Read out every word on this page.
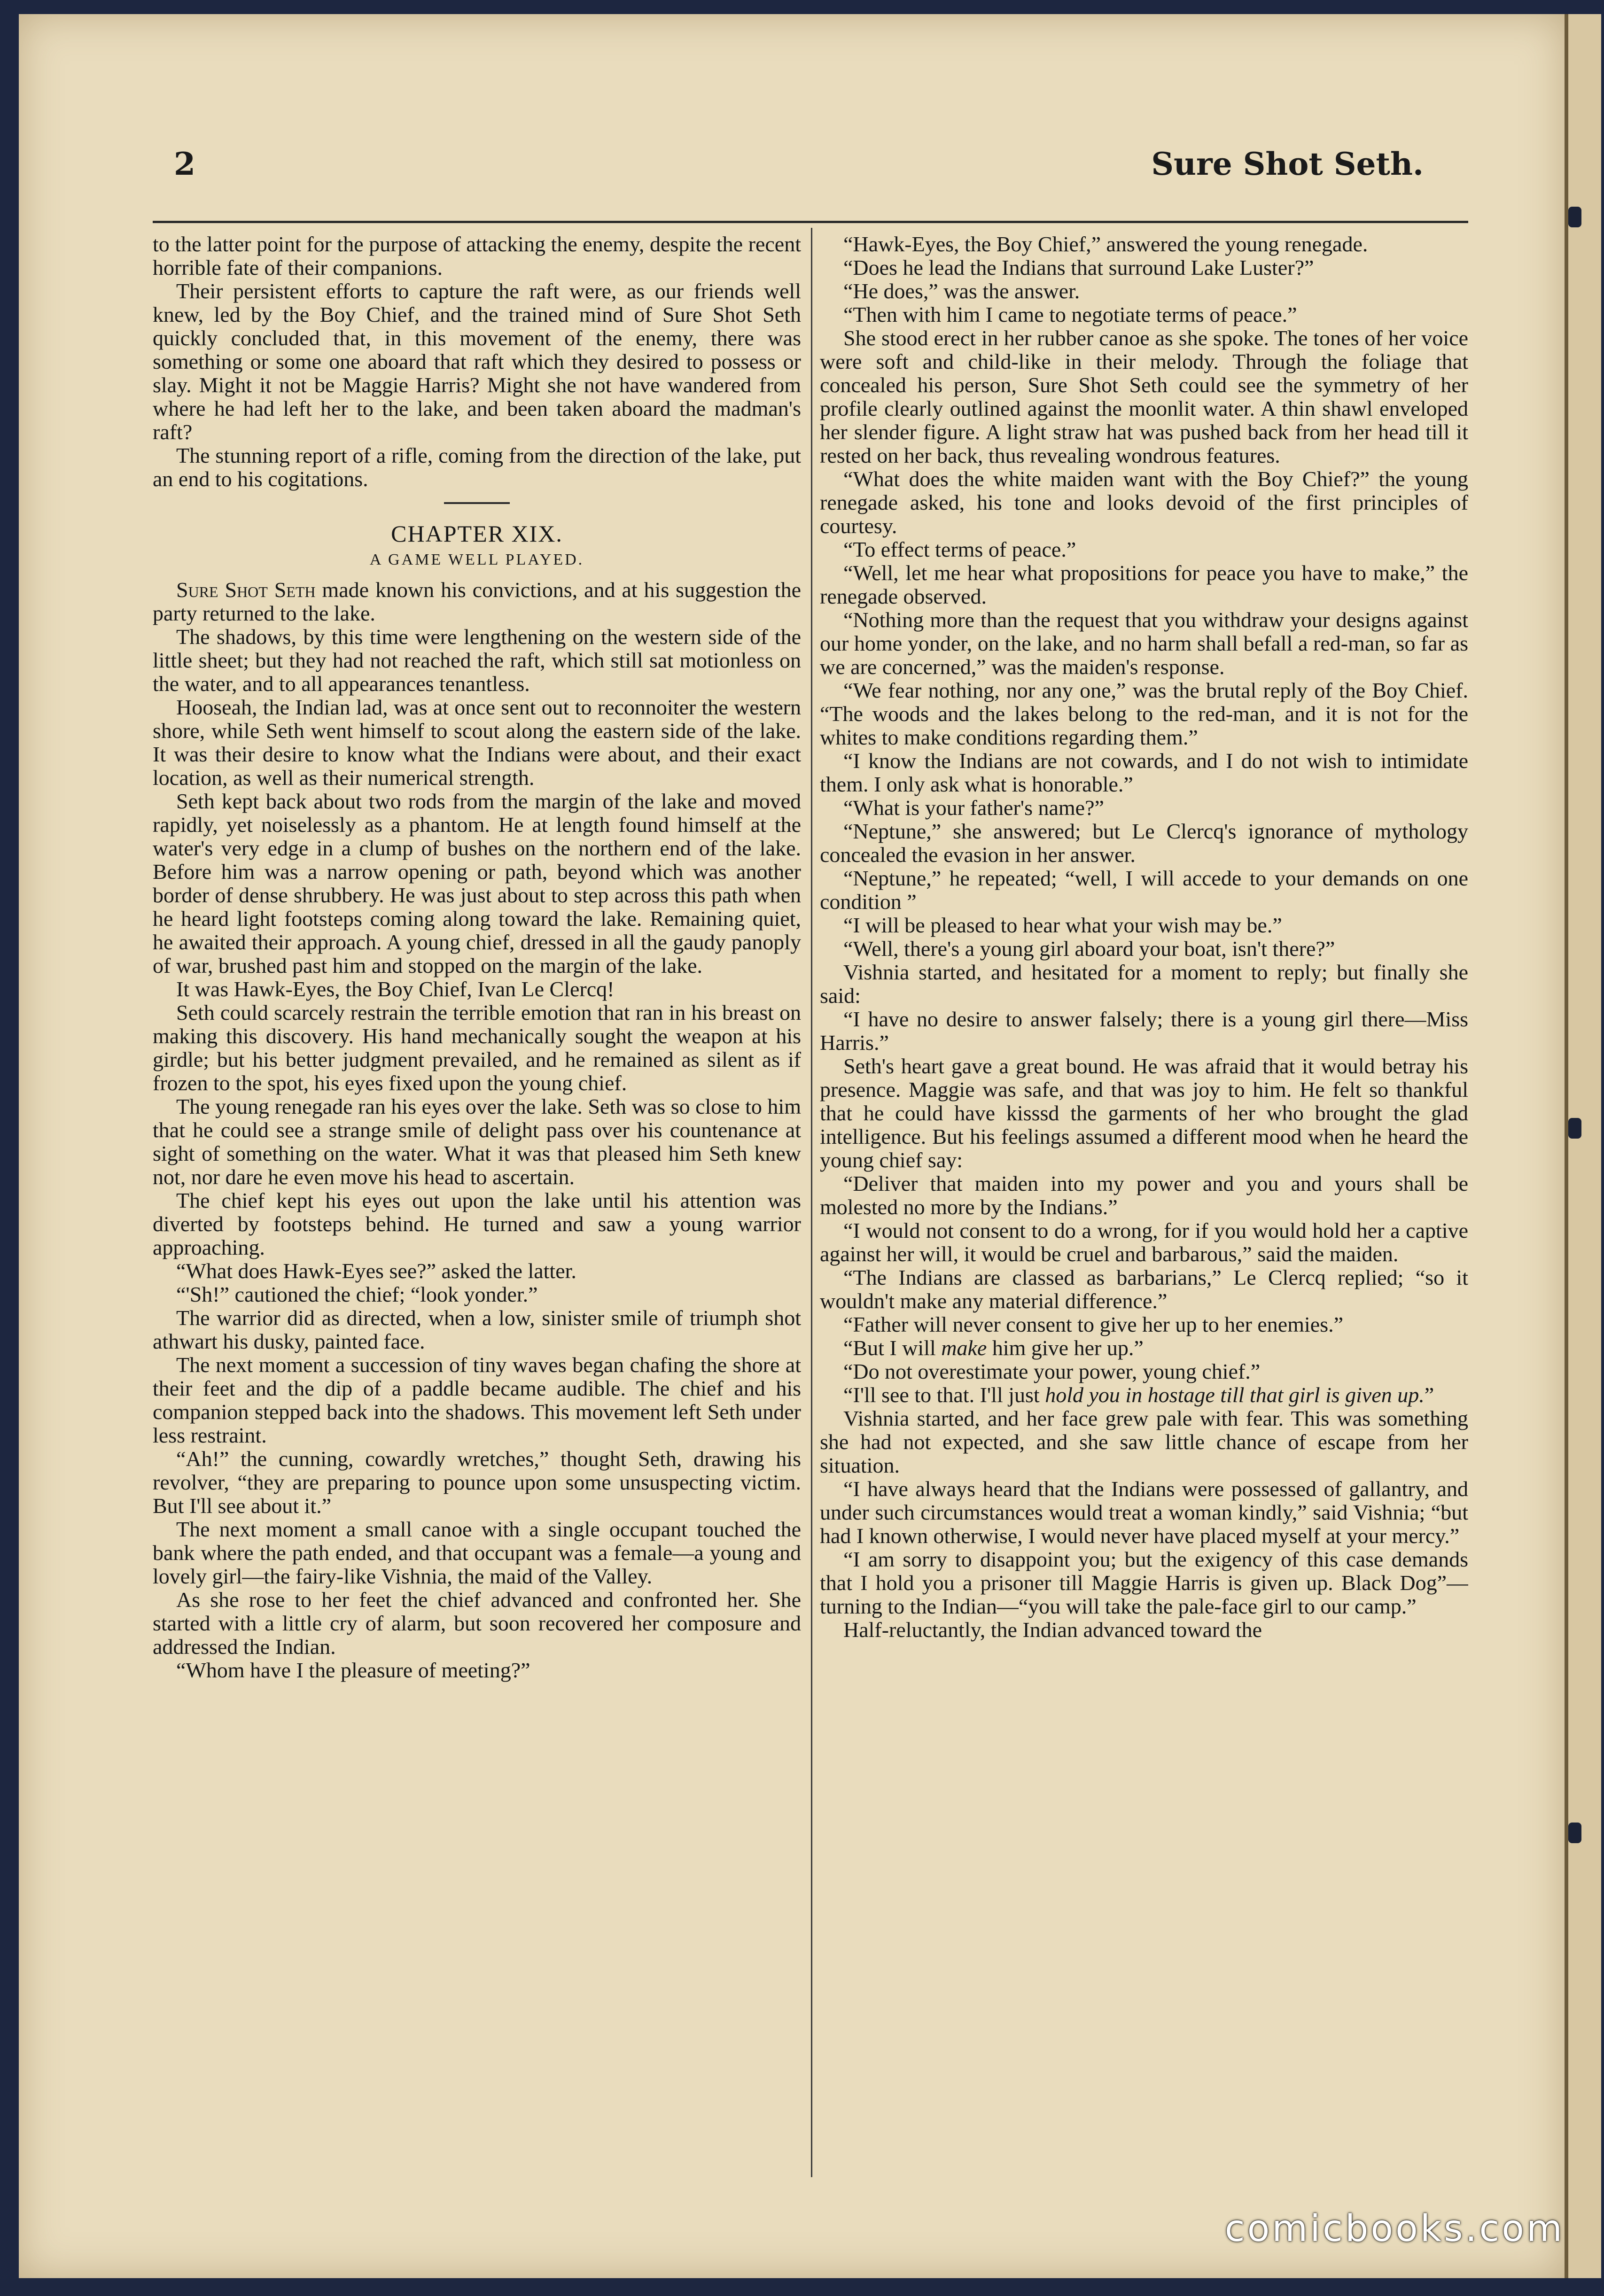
2	Sure Shot Seth.

to the latter point for the purpose of attacking the enemy, despite the recent horrible fate of their companions.

Their persistent efforts to capture the raft were, as our friends well knew, led by the Boy Chief, and the trained mind of Sure Shot Seth quickly concluded that, in this movement of the enemy, there was something or some one aboard that raft which they desired to possess or slay. Might it not be Maggie Harris? Might she not have wandered from where he had left her to the lake, and been taken aboard the madman's raft?

The stunning report of a rifle, coming from the direction of the lake, put an end to his cogitations.

CHAPTER XIX.
A GAME WELL PLAYED.

Sure Shot Seth made known his convictions, and at his suggestion the party returned to the lake.

The shadows, by this time were lengthening on the western side of the little sheet; but they had not reached the raft, which still sat motionless on the water, and to all appearances tenantless.

Hooseah, the Indian lad, was at once sent out to reconnoiter the western shore, while Seth went himself to scout along the eastern side of the lake. It was their desire to know what the Indians were about, and their exact location, as well as their numerical strength.

Seth kept back about two rods from the margin of the lake and moved rapidly, yet noiselessly as a phantom. He at length found himself at the water's very edge in a clump of bushes on the northern end of the lake. Before him was a narrow opening or path, beyond which was another border of dense shrubbery. He was just about to step across this path when he heard light footsteps coming along toward the lake. Remaining quiet, he awaited their approach. A young chief, dressed in all the gaudy panoply of war, brushed past him and stopped on the margin of the lake.

It was Hawk-Eyes, the Boy Chief, Ivan Le Clercq!

Seth could scarcely restrain the terrible emotion that ran in his breast on making this discovery. His hand mechanically sought the weapon at his girdle; but his better judgment prevailed, and he remained as silent as if frozen to the spot, his eyes fixed upon the young chief.

The young renegade ran his eyes over the lake. Seth was so close to him that he could see a strange smile of delight pass over his countenance at sight of something on the water. What it was that pleased him Seth knew not, nor dare he even move his head to ascertain.

The chief kept his eyes out upon the lake until his attention was diverted by footsteps behind. He turned and saw a young warrior approaching.

“What does Hawk-Eyes see?” asked the latter.

“'Sh!” cautioned the chief; “look yonder.”

The warrior did as directed, when a low, sinister smile of triumph shot athwart his dusky, painted face.

The next moment a succession of tiny waves began chafing the shore at their feet and the dip of a paddle became audible. The chief and his companion stepped back into the shadows. This movement left Seth under less restraint.

“Ah!” the cunning, cowardly wretches,” thought Seth, drawing his revolver, “they are preparing to pounce upon some unsuspecting victim. But I'll see about it.”

The next moment a small canoe with a single occupant touched the bank where the path ended, and that occupant was a female—a young and lovely girl—the fairy-like Vishnia, the maid of the Valley.

As she rose to her feet the chief advanced and confronted her. She started with a little cry of alarm, but soon recovered her composure and addressed the Indian.

“Whom have I the pleasure of meeting?”

“Hawk-Eyes, the Boy Chief,” answered the young renegade.

“Does he lead the Indians that surround Lake Luster?”

“He does,” was the answer.

“Then with him I came to negotiate terms of peace.”

She stood erect in her rubber canoe as she spoke. The tones of her voice were soft and child-like in their melody. Through the foliage that concealed his person, Sure Shot Seth could see the symmetry of her profile clearly outlined against the moonlit water. A thin shawl enveloped her slender figure. A light straw hat was pushed back from her head till it rested on her back, thus revealing wondrous features.

“What does the white maiden want with the Boy Chief?” the young renegade asked, his tone and looks devoid of the first principles of courtesy.

“To effect terms of peace.”

“Well, let me hear what propositions for peace you have to make,” the renegade observed.

“Nothing more than the request that you withdraw your designs against our home yonder, on the lake, and no harm shall befall a red-man, so far as we are concerned,” was the maiden's response.

“We fear nothing, nor any one,” was the brutal reply of the Boy Chief. “The woods and the lakes belong to the red-man, and it is not for the whites to make conditions regarding them.”

“I know the Indians are not cowards, and I do not wish to intimidate them. I only ask what is honorable.”

“What is your father's name?”

“Neptune,” she answered; but Le Clercq's ignorance of mythology concealed the evasion in her answer.

“Neptune,” he repeated; “well, I will accede to your demands on one condition ”

“I will be pleased to hear what your wish may be.”

“Well, there's a young girl aboard your boat, isn't there?”

Vishnia started, and hesitated for a moment to reply; but finally she said:

“I have no desire to answer falsely; there is a young girl there—Miss Harris.”

Seth's heart gave a great bound. He was afraid that it would betray his presence. Maggie was safe, and that was joy to him. He felt so thankful that he could have kisssd the garments of her who brought the glad intelligence. But his feelings assumed a different mood when he heard the young chief say:

“Deliver that maiden into my power and you and yours shall be molested no more by the Indians.”

“I would not consent to do a wrong, for if you would hold her a captive against her will, it would be cruel and barbarous,” said the maiden.

“The Indians are classed as barbarians,” Le Clercq replied; “so it wouldn't make any material difference.”

“Father will never consent to give her up to her enemies.”

“But I will make him give her up.”

“Do not overestimate your power, young chief.”

“I'll see to that. I'll just hold you in hostage till that girl is given up.”

Vishnia started, and her face grew pale with fear. This was something she had not expected, and she saw little chance of escape from her situation.

“I have always heard that the Indians were possessed of gallantry, and under such circumstances would treat a woman kindly,” said Vishnia; “but had I known otherwise, I would never have placed myself at your mercy.”

“I am sorry to disappoint you; but the exigency of this case demands that I hold you a prisoner till Maggie Harris is given up. Black Dog”—turning to the Indian—“you will take the pale-face girl to our camp.”

Half-reluctantly, the Indian advanced toward the

comicbooks.com
